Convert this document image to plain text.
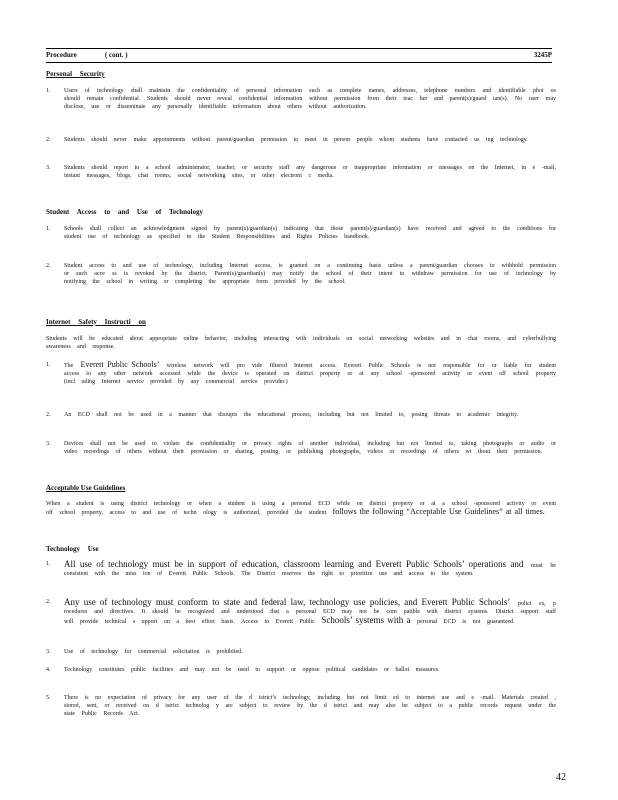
Procedure	( cont. )	3245P
Personal Security
1.	Users of technology shall maintain the confidentiality of personal information such as complete names, addresses, telephone numbers and identifiable phot os should remain confidential. Students should never reveal confidential information without permission from their teac her and parent(s)/guard ian(s). No user may disclose, use or disseminate any personally identifiable information about others without authorization.
2.	Students should never make appointments without parent/guardian permission to meet in person people whom students have contacted us ing technology.
3.	Students should report to a school administrator, teacher, or security staff any dangerous or inappropriate information or messages on the Internet, in e -mail, instant messages, blogs, chat rooms, social networking sites, or other electroni c media.
Student Access to and Use of Technology
1.	Schools shall collect an acknowledgment signed by parent(s)/guardian(s) indicating that those parent(s)/guardian(s) have received and agreed to the conditions for student use of technology as specified in the Student Responsibilities and Rights Policies handbook.
2.	Student access to and use of technology, including Internet access, is granted on a continuing basis unless a parent/guardian chooses to withhold permission or such acce ss is revoked by the district. Parent(s)/guardian(s) may notify the school of their intent to withdraw permission for use of technology by notifying the school in writing or completing the appropriate form provided by the school.
Internet Safety Instructi on
Students will be educated about appropriate online behavior, including interacting with individuals on social networking websites and in chat rooms, and cyberbullying awareness and response.
1.	The Everett Public Schools’ wireless network will pro vide filtered Internet access. Everett Public Schools is not responsible for or liable for student access to any other network accessed while the device is operated on district property or at any school -sponsored activity or event off school property (incl uding Internet service provided by any commercial service provider.)
2.	An ECD shall not be used in a manner that disrupts the educational process, including but not limited to, posing threats to academic integrity.
3.	Devices shall not be used to violate the confidentiality or privacy rights of another individual, including but not limited to, taking photographs or audio or video recordings of others without their permission or sharing, posting, or publishing photographs, videos or recordings of others wi thout their permission.
Acceptable Use Guidelines
When a student is using district technology or when a student is using a personal ECD while on district property or at a school -sponsored activity or event off school property, access to and use of techn ology is authorized, provided the student follows the following “Acceptable Use Guidelines” at all times.
Technology Use
1.	All use of technology must be in support of education, classroom learning and Everett Public Schools’ operations and must be consistent with the miss ion of Everett Public Schools. The District reserves the right to prioritize use and access to the system.
2.	Any use of technology must conform to state and federal law, technology use policies, and Everett Public Schools’ polici es, p rocedures and directives. It should be recognized and understood that a personal ECD may not be com patible with district systems. District support staff will provide technical s upport on a best effort basis. Access to Everett Public Schools’ systems with a personal ECD is not guaranteed.
3.	Use of technology for commercial solicitation is prohibited.
4.	Technology constitutes public facilities and may not be used to support or oppose political candidates or ballot measures.
5.	There is no expectation of privacy for any user of the d istrict’s technology, including but not limit ed to internet use and e -mail. Materials created , stored, sent, or received on d istrict technolog y are subject to review by the d istrict and may also be subject to a public records request under the state Public Records Act.
42
